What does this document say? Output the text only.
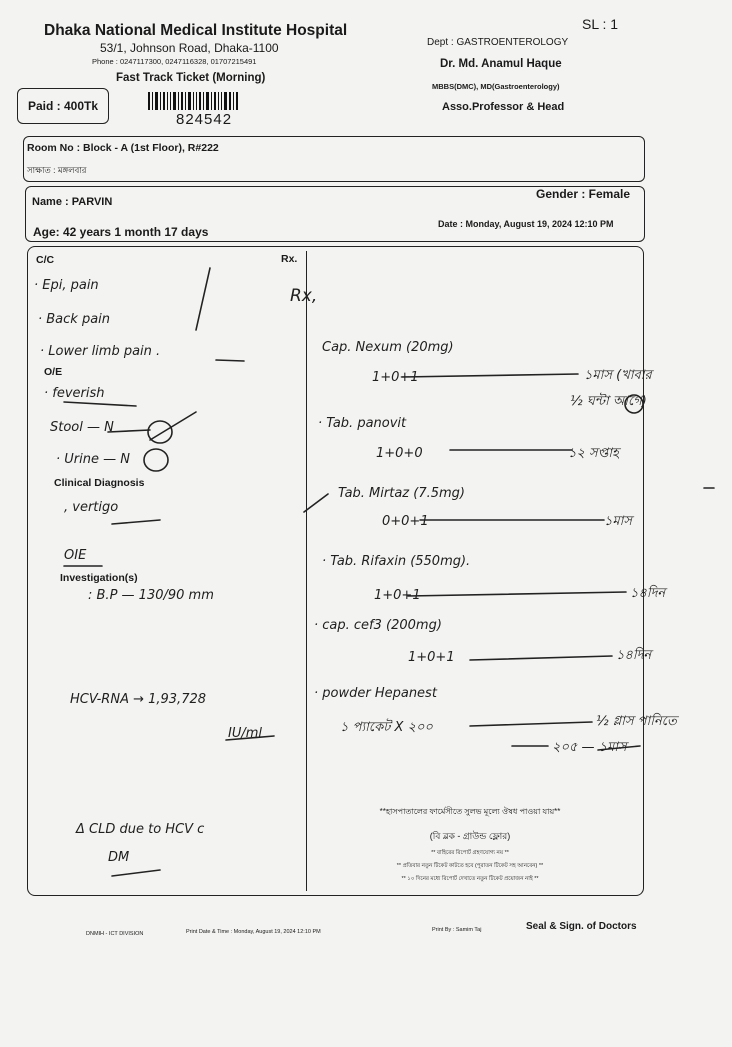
Dhaka National Medical Institute Hospital
53/1, Johnson Road, Dhaka-1100
Phone : 0247117300, 0247116328, 01707215491
Fast Track Ticket (Morning)
SL : 1
Paid : 400Tk
824542
Dept : GASTROENTEROLOGY
Dr. Md. Anamul Haque
MBBS(DMC), MD(Gastroenterology)
Asso.Professor & Head
Room No : Block - A (1st Floor), R#222
সাক্ষাত : মঙ্গলবার
Name : PARVIN
Gender : Female
Date : Monday, August 19, 2024 12:10 PM
Age: 42 years 1 month 17 days
C/C
O/E
Clinical Diagnosis
Investigation(s)
Rx.
· Epi, pain
· Back pain
· Lower limb pain .
· feverish
Stool — N
· Urine — N
, vertigo
OIE
: B.P — 130/90 mm
HCV-RNA → 1,93,728
IU/ml
Δ CLD due to HCV c
DM
Rx,
Cap. Nexum (20mg)
1+0+1	১মাস (খাবার
½ ঘন্টা আগে)
· Tab. panovit
1+0+0	১২ সপ্তাহ
Tab. Mirtaz (7.5mg)
0+0+1	১মাস
· Tab. Rifaxin (550mg).
1+0+1	১৪দিন
· cap. cef3 (200mg)
1+0+1	১৪দিন
· powder Hepanest
১ প্যাকেট X ২০০	½ গ্লাস পানিতে
২০৫ — ১মাস
**হাসপাতালের ফার্মেসীতে সুলভ মূল্যে ঔষধ পাওয়া যায়**
(বি ব্লক - গ্রাউন্ড ফ্লোর)
** বাহিরের রিপোর্ট গ্রহণযোগ্য নয় **
** প্রতিবার নতুন টিকেট কাটতে হবে (পুরাতন টিকেট সহ আনবেন) **
** ১০ দিনের মধ্যে রিপোর্ট দেখাতে নতুন টিকেট প্রয়োজন নাই **
DNMIH - ICT DIVISION	Print Date & Time : Monday, August 19, 2024 12:10 PM	Print By : Samim Taj	Seal & Sign. of Doctors
